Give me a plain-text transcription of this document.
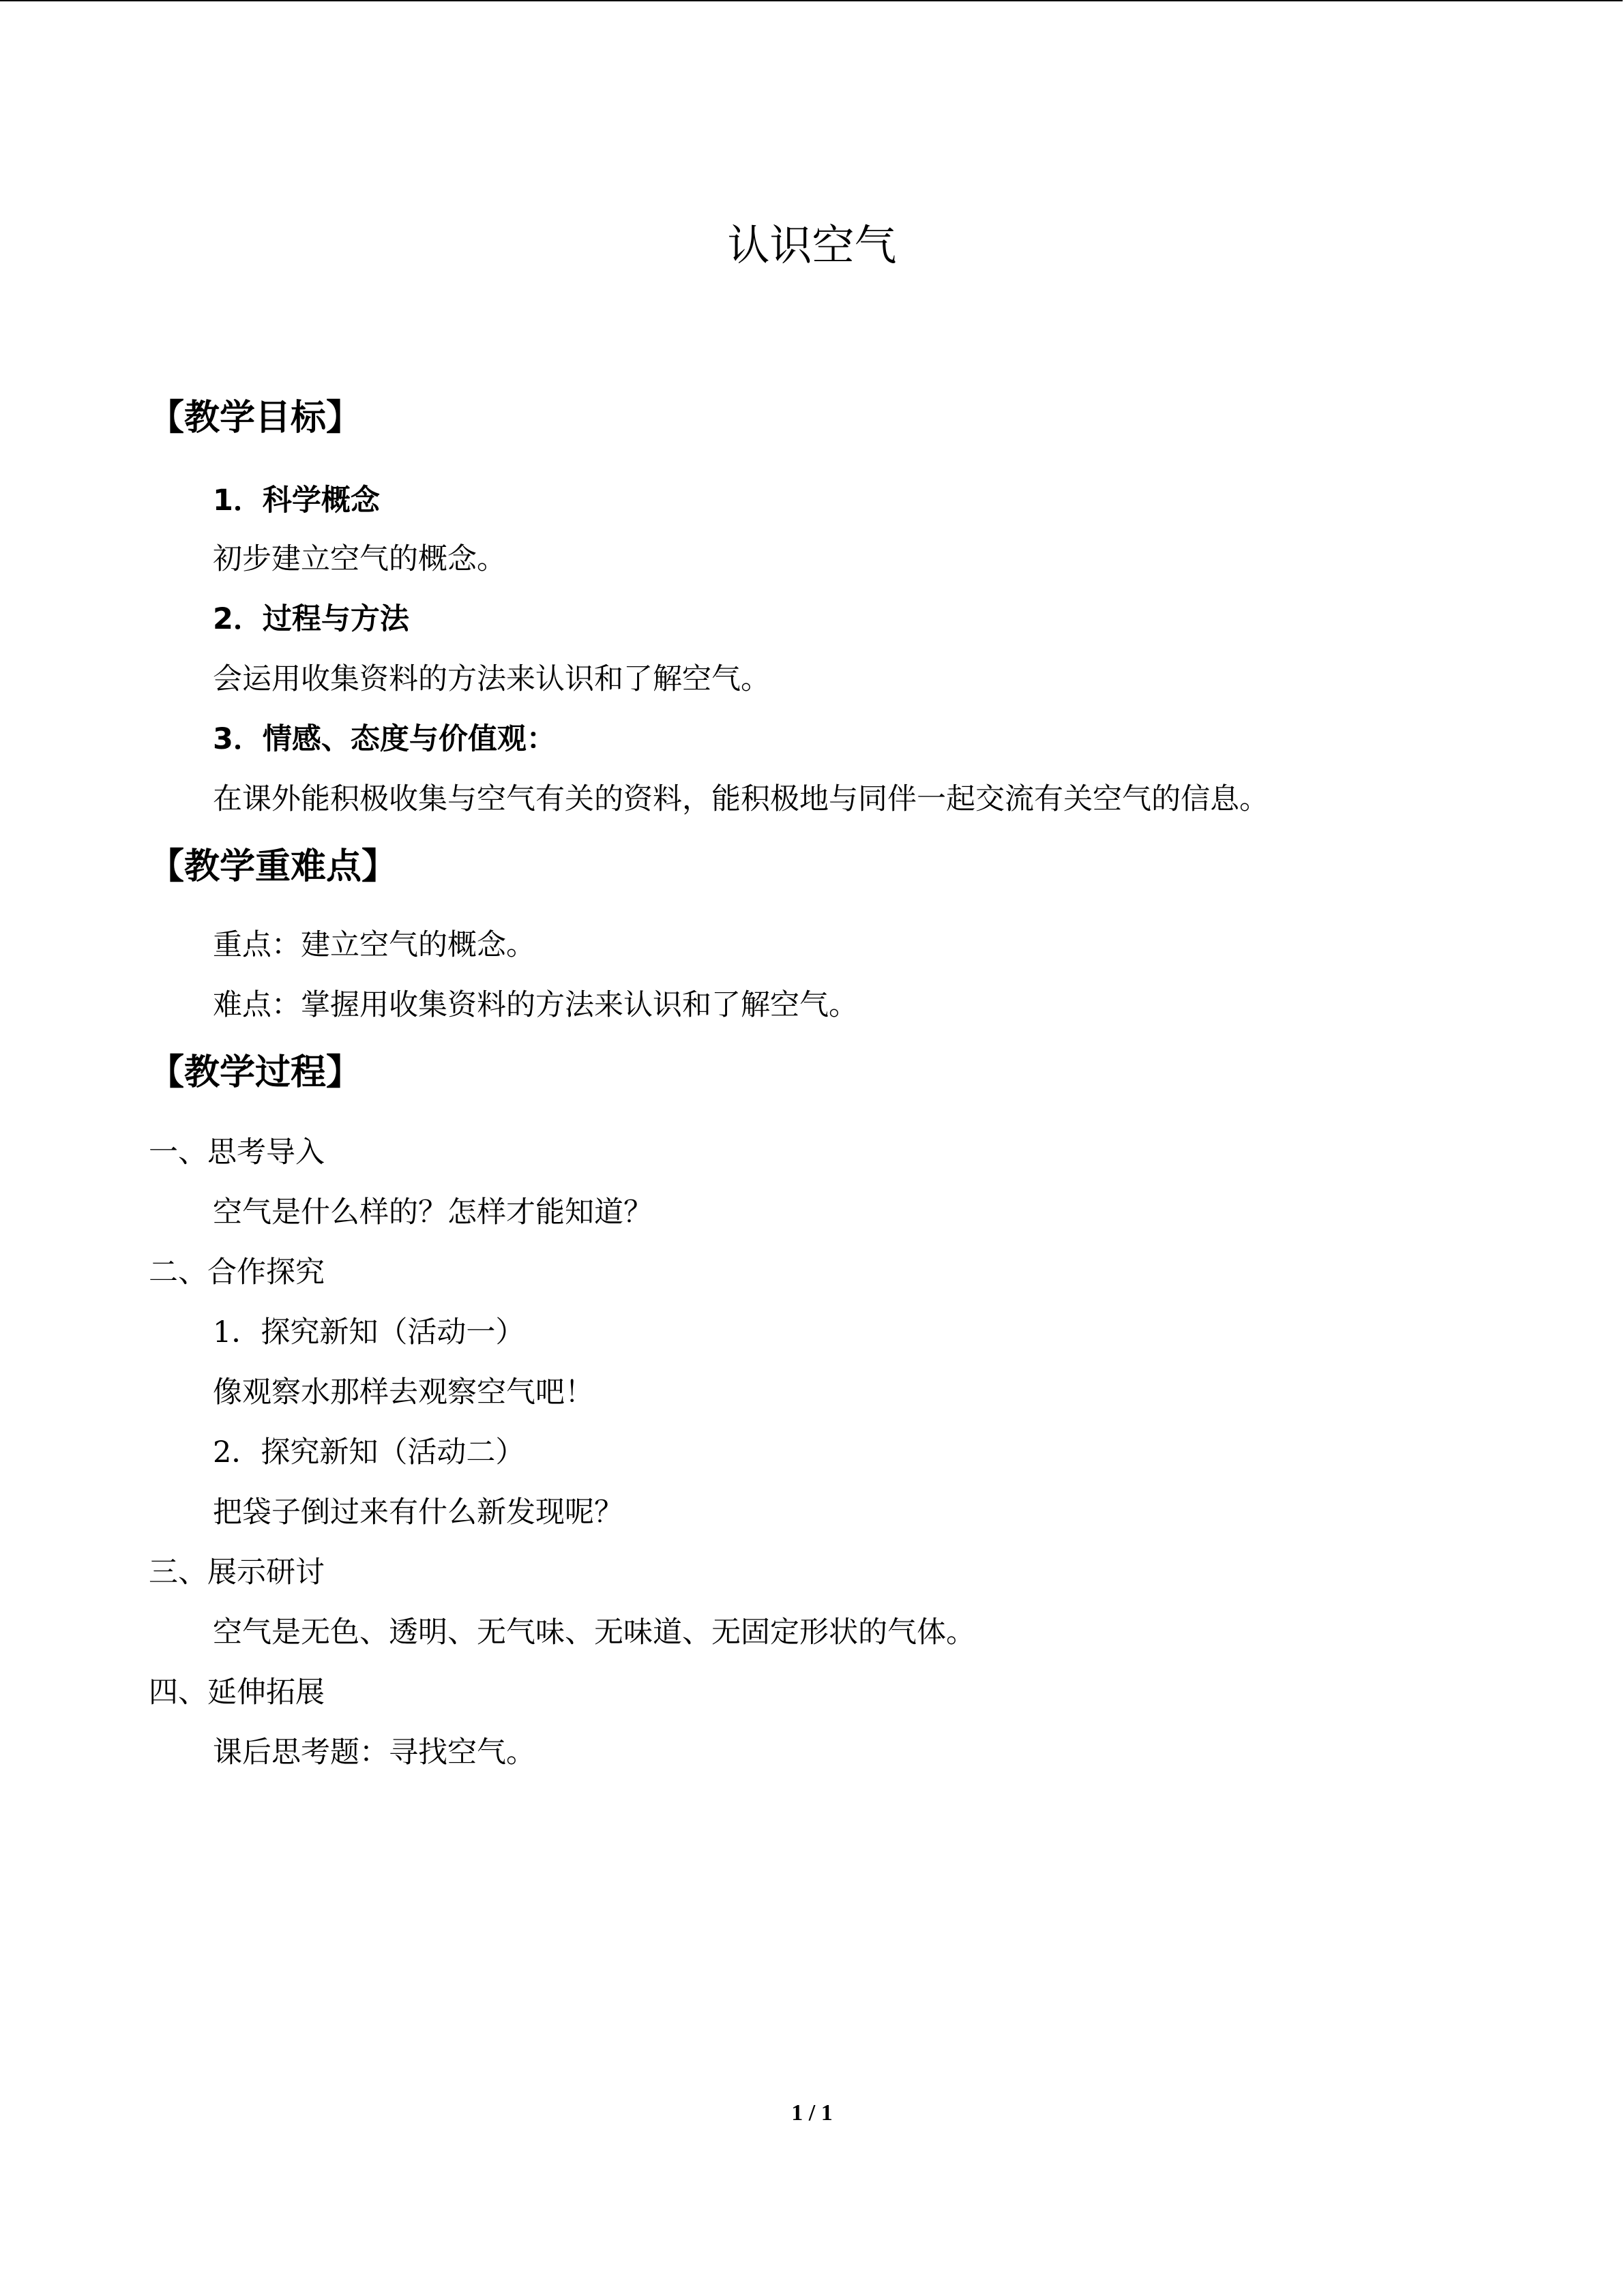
认识空气
【教学目标】
1．科学概念
初步建立空气的概念。
2．过程与方法
会运用收集资料的方法来认识和了解空气。
3．情感、态度与价值观：
在课外能积极收集与空气有关的资料，能积极地与同伴一起交流有关空气的信息。
【教学重难点】
重点：建立空气的概念。
难点：掌握用收集资料的方法来认识和了解空气。
【教学过程】
一、思考导入
空气是什么样的？怎样才能知道？
二、合作探究
1．探究新知（活动一）
像观察水那样去观察空气吧！
2．探究新知（活动二）
把袋子倒过来有什么新发现呢？
三、展示研讨
空气是无色、透明、无气味、无味道、无固定形状的气体。
四、延伸拓展
课后思考题：寻找空气。
1 / 1
